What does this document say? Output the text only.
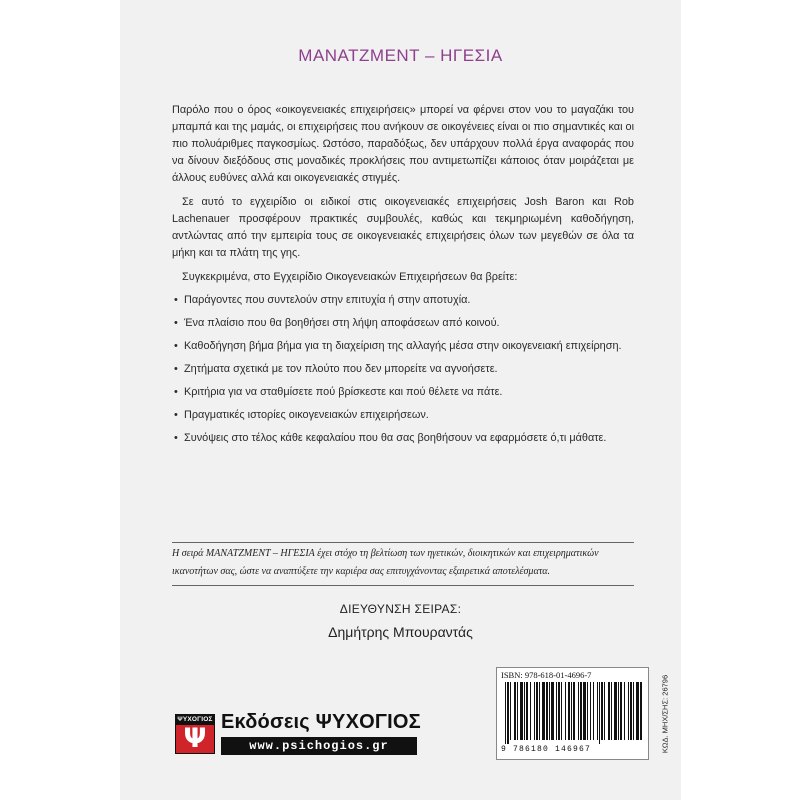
ΜΑΝΑΤΖΜΕΝΤ – ΗΓΕΣΙΑ

Παρόλο που ο όρος «οικογενειακές επιχειρήσεις» μπορεί να φέρνει στον νου το μαγαζάκι του μπαμπά και της μαμάς, οι επιχειρήσεις που ανήκουν σε οικογένειες είναι οι πιο σημαντικές και οι πιο πολυάριθμες παγκοσμίως. Ωστόσο, παραδόξως, δεν υπάρχουν πολλά έργα αναφοράς που να δίνουν διεξόδους στις μοναδικές προκλήσεις που αντιμετωπίζει κάποιος όταν μοιράζεται με άλλους ευθύνες αλλά και οικογενειακές στιγμές.

Σε αυτό το εγχειρίδιο οι ειδικοί στις οικογενειακές επιχειρήσεις Josh Baron και Rob Lachenauer προσφέρουν πρακτικές συμβουλές, καθώς και τεκμηριωμένη καθοδήγηση, αντλώντας από την εμπειρία τους σε οικογενειακές επιχειρήσεις όλων των μεγεθών σε όλα τα μήκη και τα πλάτη της γης.

Συγκεκριμένα, στο Εγχειρίδιο Οικογενειακών Επιχειρήσεων θα βρείτε:

• Παράγοντες που συντελούν στην επιτυχία ή στην αποτυχία.
• Ένα πλαίσιο που θα βοηθήσει στη λήψη αποφάσεων από κοινού.
• Καθοδήγηση βήμα βήμα για τη διαχείριση της αλλαγής μέσα στην οικογενειακή επιχείρηση.
• Ζητήματα σχετικά με τον πλούτο που δεν μπορείτε να αγνοήσετε.
• Κριτήρια για να σταθμίσετε πού βρίσκεστε και πού θέλετε να πάτε.
• Πραγματικές ιστορίες οικογενειακών επιχειρήσεων.
• Συνόψεις στο τέλος κάθε κεφαλαίου που θα σας βοηθήσουν να εφαρμόσετε ό,τι μάθατε.
Η σειρά ΜΑΝΑΤΖΜΕΝΤ – ΗΓΕΣΙΑ έχει στόχο τη βελτίωση των ηγετικών, διοικητικών και επιχειρηματικών ικανοτήτων σας, ώστε να αναπτύξετε την καριέρα σας επιτυγχάνοντας εξαιρετικά αποτελέσματα.
ΔΙΕΥΘΥΝΣΗ ΣΕΙΡΑΣ:
Δημήτρης Μπουραντάς
ΨΥΧΟΓΙΟΣ
Ψ
Εκδόσεις ΨΥΧΟΓΙΟΣ
www.psichogios.gr
ISBN: 978-618-01-4696-7
9 786180 146967	ΚΩΔ. ΜΗΧ/ΣΗΣ: 26796
